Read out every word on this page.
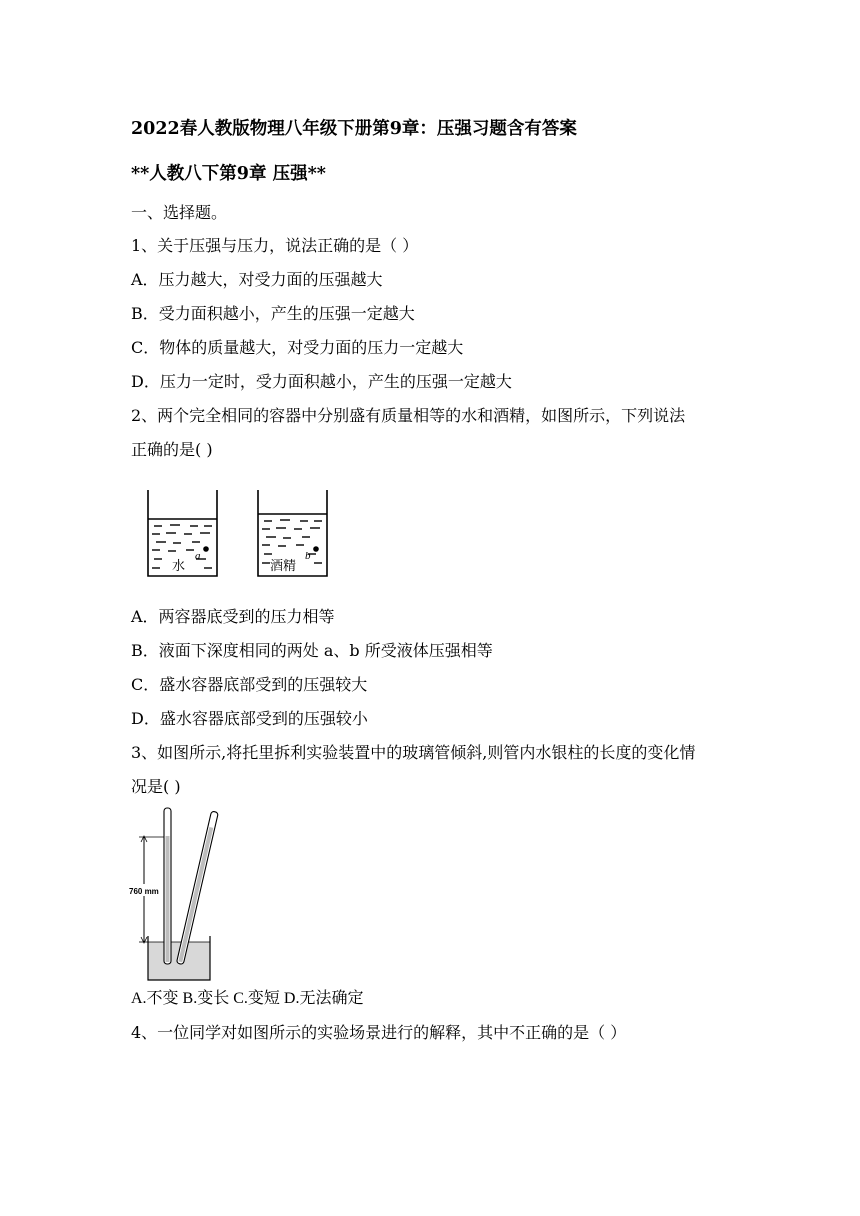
2022春人教版物理八年级下册第9章：压强习题含有答案
**人教八下第9章 压强**
一、选择题。
1、关于压强与压力，说法正确的是（ ）
A．压力越大，对受力面的压强越大
B．受力面积越小，产生的压强一定越大
C．物体的质量越大，对受力面的压力一定越大
D．压力一定时，受力面积越小，产生的压强一定越大
2、两个完全相同的容器中分别盛有质量相等的水和酒精，如图所示，下列说法
正确的是( )
水
a
酒精
b
A．两容器底受到的压力相等
B．液面下深度相同的两处 a、b 所受液体压强相等
C．盛水容器底部受到的压强较大
D．盛水容器底部受到的压强较小
3、如图所示,将托里拆利实验装置中的玻璃管倾斜,则管内水银柱的长度的变化情
况是( )
760 mm
A.不变 B.变长 C.变短 D.无法确定
4、一位同学对如图所示的实验场景进行的解释，其中不正确的是（ ）
